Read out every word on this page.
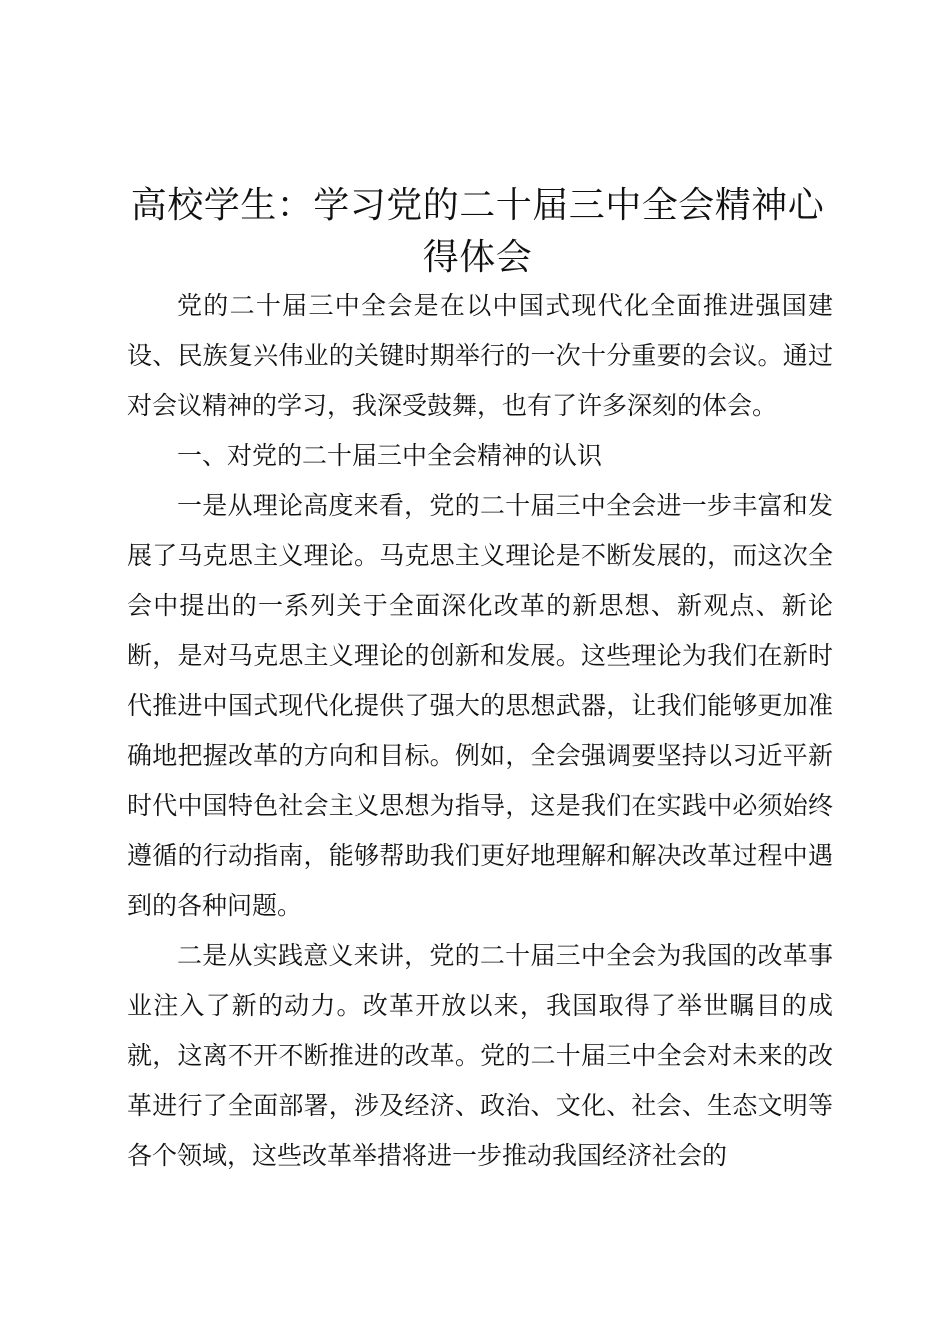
高校学生：学习党的二十届三中全会精神心得体会

党的二十届三中全会是在以中国式现代化全面推进强国建设、民族复兴伟业的关键时期举行的一次十分重要的会议。通过对会议精神的学习，我深受鼓舞，也有了许多深刻的体会。

一、对党的二十届三中全会精神的认识

一是从理论高度来看，党的二十届三中全会进一步丰富和发展了马克思主义理论。马克思主义理论是不断发展的，而这次全会中提出的一系列关于全面深化改革的新思想、新观点、新论断，是对马克思主义理论的创新和发展。这些理论为我们在新时代推进中国式现代化提供了强大的思想武器，让我们能够更加准确地把握改革的方向和目标。例如，全会强调要坚持以习近平新时代中国特色社会主义思想为指导，这是我们在实践中必须始终遵循的行动指南，能够帮助我们更好地理解和解决改革过程中遇到的各种问题。

二是从实践意义来讲，党的二十届三中全会为我国的改革事业注入了新的动力。改革开放以来，我国取得了举世瞩目的成就，这离不开不断推进的改革。党的二十届三中全会对未来的改革进行了全面部署，涉及经济、政治、文化、社会、生态文明等各个领域，这些改革举措将进一步推动我国经济社会的
